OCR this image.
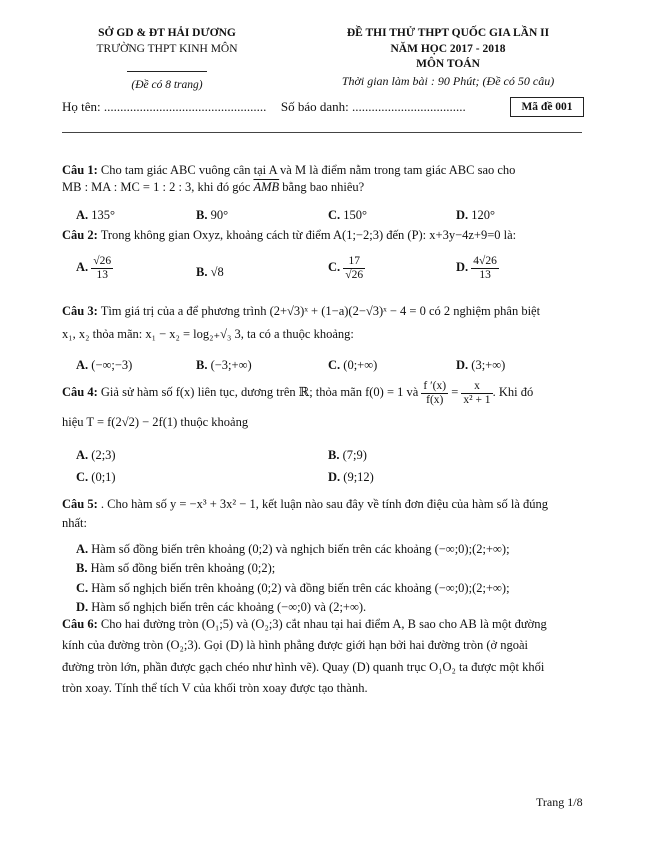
SỞ GD & ĐT HẢI DƯƠNG
TRƯỜNG THPT KINH MÔN
(Đề có 8 trang)
ĐỀ THI THỬ THPT QUỐC GIA LẦN II
NĂM HỌC 2017 - 2018
MÔN TOÁN
Thời gian làm bài : 90 Phút; (Đề có 50 câu)
Họ tên: .................................................. Số báo danh: ...................................	Mã đề 001
Câu 1: Cho tam giác ABC vuông cân tại A và M là điểm nằm trong tam giác ABC sao cho
MB : MA : MC = 1 : 2 : 3, khi đó góc $\overline{AMB}$ bằng bao nhiêu?
A. 135°	B. 90°	C. 150°	D. 120°
Câu 2: Trong không gian Oxyz, khoảng cách từ điểm A(1;−2;3) đến (P): x+3y−4z+9=0 là:
A. $\frac{√26}{13}$	B. √8	C. $\frac{17}{√26}$	D. $\frac{4√26}{13}$
Câu 3: Tìm giá trị của a để phương trình (2+√3)ˣ + (1−a)(2−√3)ˣ − 4 = 0 có 2 nghiệm phân biệt
x₁, x₂ thỏa mãn: x₁ − x₂ = log₂₊√₃ 3, ta có a thuộc khoảng:
A. (−∞;−3)	B. (−3;+∞)	C. (0;+∞)	D. (3;+∞)
Câu 4: Giả sử hàm số f(x) liên tục, dương trên ℝ; thỏa mãn f(0) = 1 và $\frac{f '(x)}{f(x)} = \frac{x}{\text{x² + 1}}$ . Khi đó
hiệu T = f(2√2) − 2f(1) thuộc khoảng
A. (2;3)	B. (7;9)
C. (0;1)	D. (9;12)
Câu 5: . Cho hàm số y = −x³ + 3x² − 1, kết luận nào sau đây về tính đơn điệu của hàm số là đúng
nhất:
A. Hàm số đồng biến trên khoảng (0;2) và nghịch biến trên các khoảng (−∞;0);(2;+∞);
B. Hàm số đồng biến trên khoảng (0;2);
C. Hàm số nghịch biến trên khoảng (0;2) và đồng biến trên các khoảng (−∞;0);(2;+∞);
D. Hàm số nghịch biến trên các khoảng (−∞;0) và (2;+∞).
Câu 6: Cho hai đường tròn (O₁;5) và (O₂;3) cắt nhau tại hai điểm A, B sao cho AB là một đường
kính của đường tròn (O₂;3). Gọi (D) là hình phẳng được giới hạn bởi hai đường tròn (ở ngoài
đường tròn lớn, phần được gạch chéo như hình vẽ). Quay (D) quanh trục O₁O₂ ta được một khối
tròn xoay. Tính thể tích V của khối tròn xoay được tạo thành.
Trang 1/8
